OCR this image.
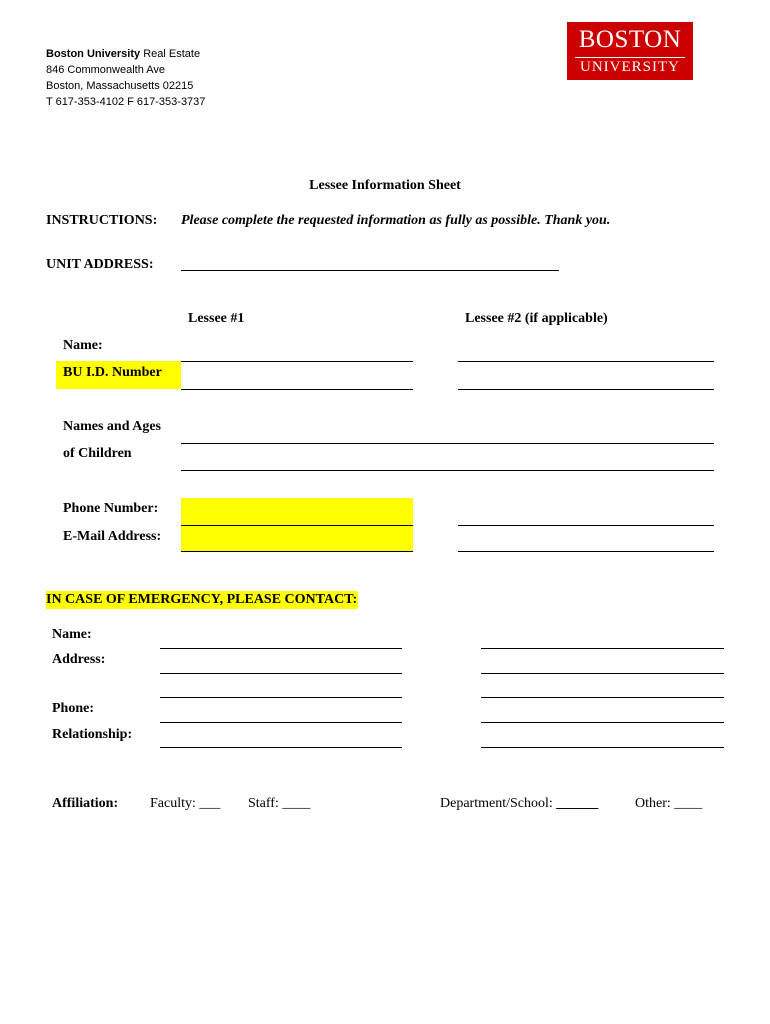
Boston University Real Estate
846 Commonwealth Ave
Boston, Massachusetts 02215
T 617-353-4102 F 617-353-3737
BOSTON
UNIVERSITY
Lessee Information Sheet
INSTRUCTIONS: Please complete the requested information as fully as possible. Thank you.
UNIT ADDRESS:
Lessee #1	Lessee #2 (if applicable)
Name:
BU I.D. Number
Names and Ages
of Children
Phone Number:
E-Mail Address:
IN CASE OF EMERGENCY, PLEASE CONTACT:
Name:
Address:
Phone:
Relationship:
Affiliation: Faculty: ___ Staff: ____	Department/School: ______	Other: ____
